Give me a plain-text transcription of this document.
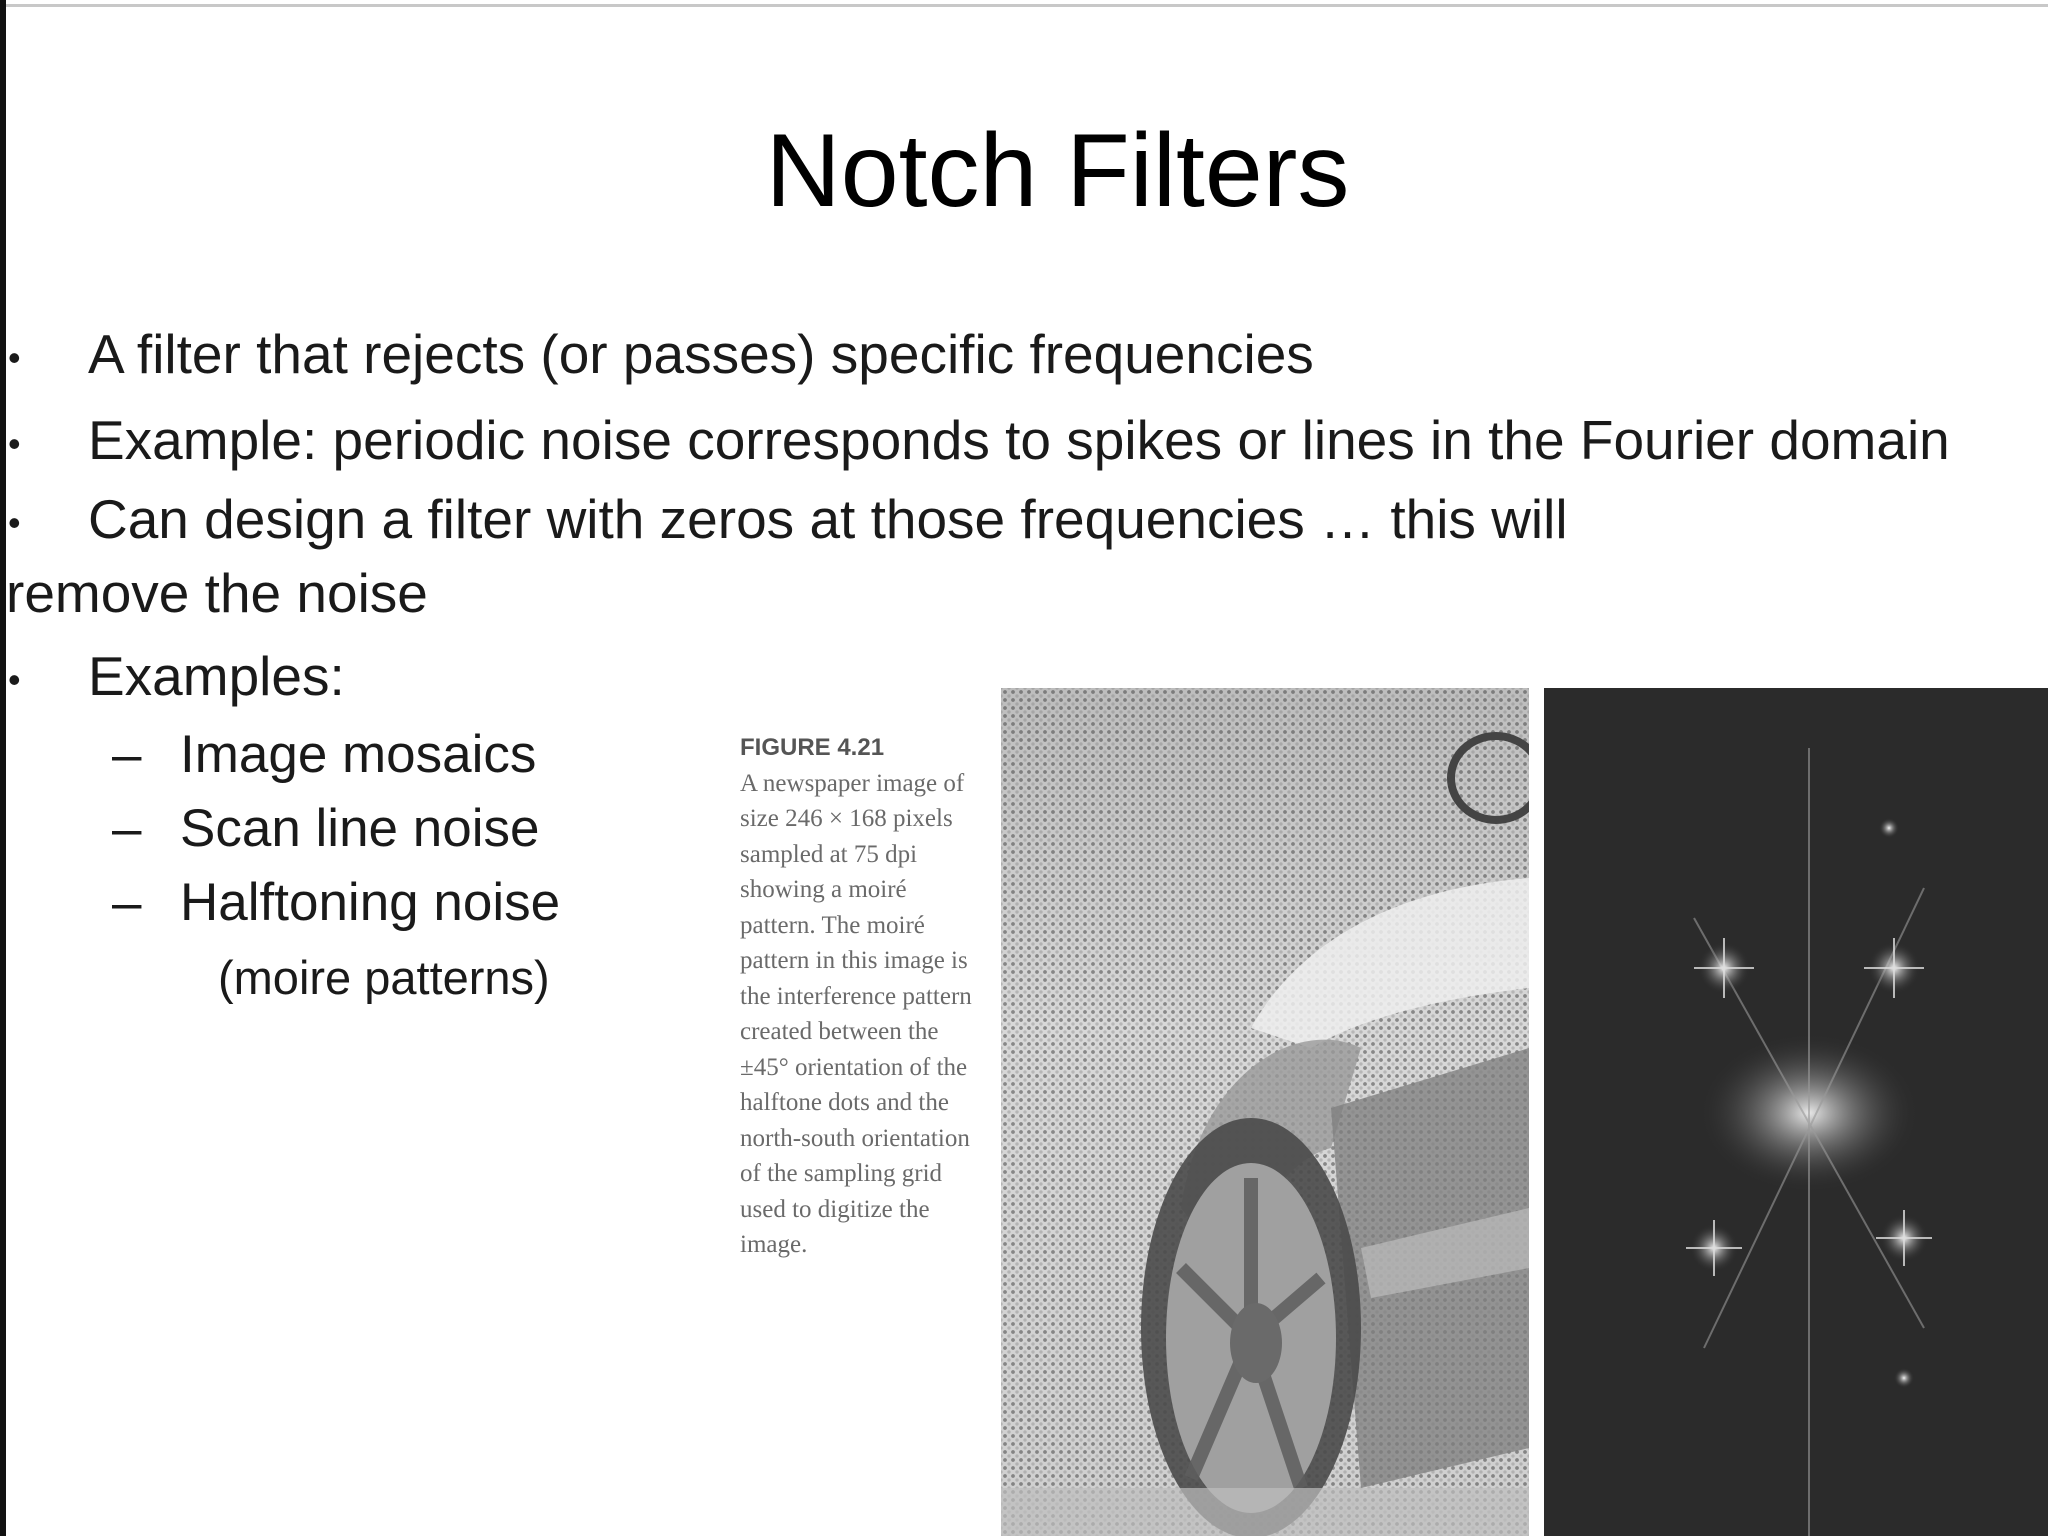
Notch Filters
• A filter that rejects (or passes) specific frequencies
• Example: periodic noise corresponds to spikes or lines in the Fourier domain
• Can design a filter with zeros at those frequencies … this will
remove the noise
• Examples:
– Image mosaics
– Scan line noise
– Halftoning noise
(moire patterns)
FIGURE 4.21
A newspaper image of size 246 × 168 pixels sampled at 75 dpi showing a moiré pattern. The moiré pattern in this image is the interference pattern created between the ±45° orientation of the halftone dots and the north-south orientation of the sampling grid used to digitize the image.
